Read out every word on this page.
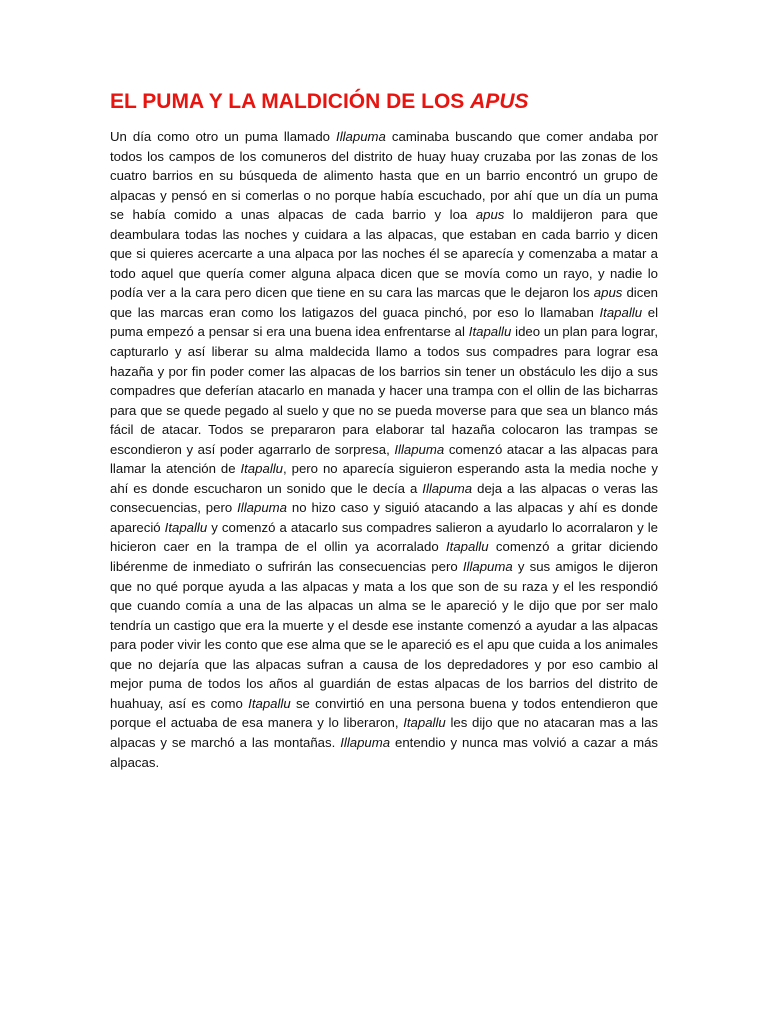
EL PUMA Y LA MALDICIÓN DE LOS APUS

Un día como otro un puma llamado Illapuma caminaba buscando que comer andaba por todos los campos de los comuneros del distrito de huay huay cruzaba por las zonas de los cuatro barrios en su búsqueda de alimento hasta que en un barrio encontró un grupo de alpacas y pensó en si comerlas o no porque había escuchado, por ahí que un día un puma se había comido a unas alpacas de cada barrio y loa apus lo maldijeron para que deambulara todas las noches y cuidara a las alpacas, que estaban en cada barrio y dicen que si quieres acercarte a una alpaca por las noches él se aparecía y comenzaba a matar a todo aquel que quería comer alguna alpaca dicen que se movía como un rayo, y nadie lo podía ver a la cara pero dicen que tiene en su cara las marcas que le dejaron los apus dicen que las marcas eran como los latigazos del guaca pinchó, por eso lo llamaban Itapallu el puma empezó a pensar si era una buena idea enfrentarse al Itapallu ideo un plan para lograr, capturarlo y así liberar su alma maldecida llamo a todos sus compadres para lograr esa hazaña y por fin poder comer las alpacas de los barrios sin tener un obstáculo les dijo a sus compadres que deferían atacarlo en manada y hacer una trampa con el ollin de las bicharras para que se quede pegado al suelo y que no se pueda moverse para que sea un blanco más fácil de atacar. Todos se prepararon para elaborar tal hazaña colocaron las trampas se escondieron y así poder agarrarlo de sorpresa, Illapuma comenzó atacar a las alpacas para llamar la atención de Itapallu, pero no aparecía siguieron esperando asta la media noche y ahí es donde escucharon un sonido que le decía a Illapuma deja a las alpacas o veras las consecuencias, pero Illapuma no hizo caso y siguió atacando a las alpacas y ahí es donde apareció Itapallu y comenzó a atacarlo sus compadres salieron a ayudarlo lo acorralaron y le hicieron caer en la trampa de el ollin ya acorralado Itapallu comenzó a gritar diciendo libérenme de inmediato o sufrirán las consecuencias pero Illapuma y sus amigos le dijeron que no qué porque ayuda a las alpacas y mata a los que son de su raza y el les respondió que cuando comía a una de las alpacas un alma se le apareció y le dijo que por ser malo tendría un castigo que era la muerte y el desde ese instante comenzó a ayudar a las alpacas para poder vivir les conto que ese alma que se le apareció es el apu que cuida a los animales que no dejaría que las alpacas sufran a causa de los depredadores y por eso cambio al mejor puma de todos los años al guardián de estas alpacas de los barrios del distrito de huahuay, así es como Itapallu se convirtió en una persona buena y todos entendieron que porque el actuaba de esa manera y lo liberaron, Itapallu les dijo que no atacaran mas a las alpacas y se marchó a las montañas. Illapuma entendio y nunca mas volvió a cazar a más alpacas.
